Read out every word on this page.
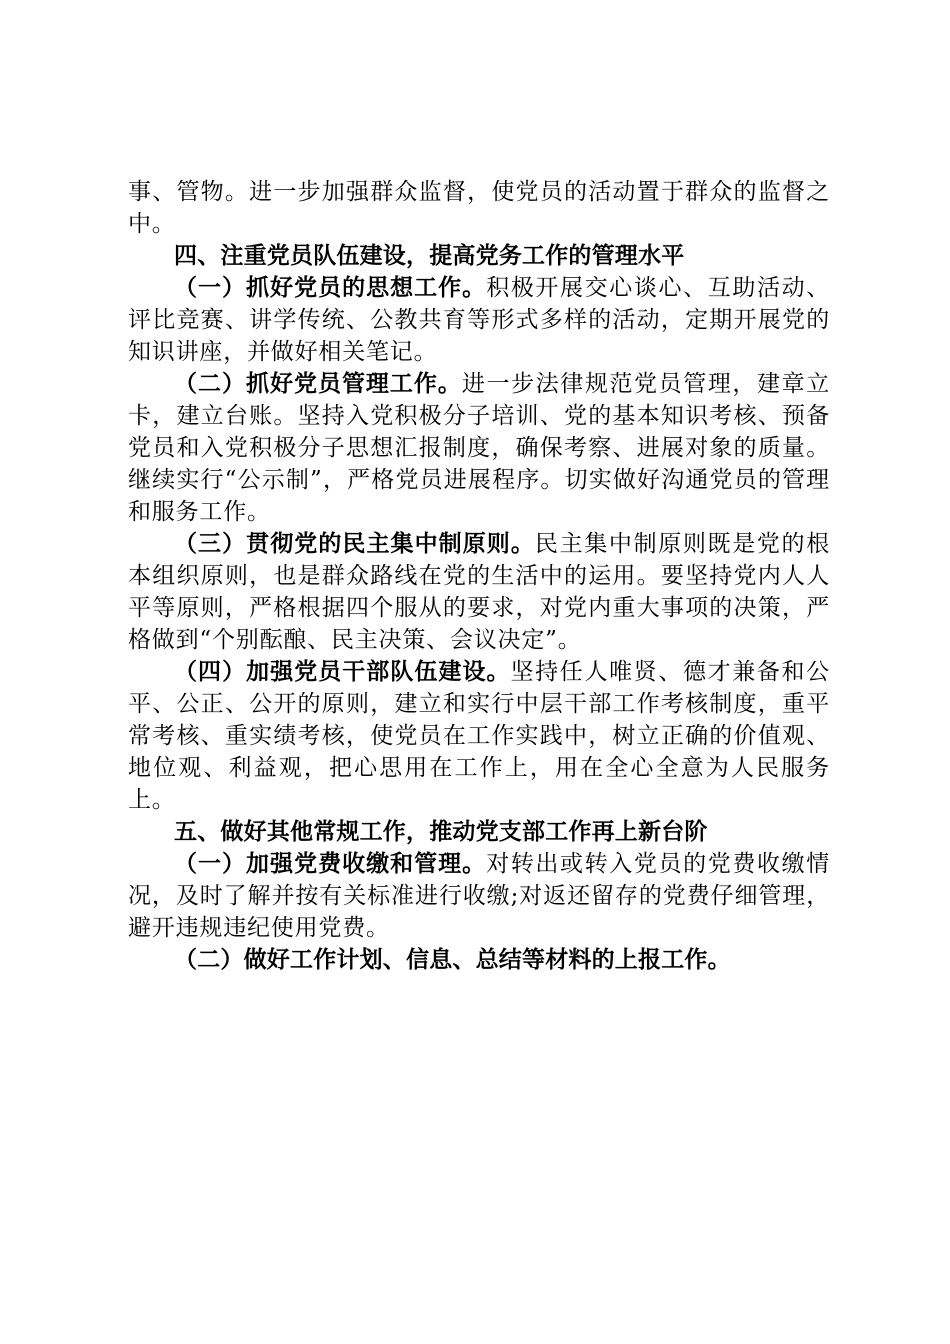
事、管物。进一步加强群众监督，使党员的活动置于群众的监督之中。

四、注重党员队伍建设，提高党务工作的管理水平

（一）抓好党员的思想工作。积极开展交心谈心、互助活动、评比竞赛、讲学传统、公教共育等形式多样的活动，定期开展党的知识讲座，并做好相关笔记。

（二）抓好党员管理工作。进一步法律规范党员管理，建章立卡，建立台账。坚持入党积极分子培训、党的基本知识考核、预备党员和入党积极分子思想汇报制度，确保考察、进展对象的质量。继续实行“公示制”，严格党员进展程序。切实做好沟通党员的管理和服务工作。

（三）贯彻党的民主集中制原则。民主集中制原则既是党的根本组织原则，也是群众路线在党的生活中的运用。要坚持党内人人平等原则，严格根据四个服从的要求，对党内重大事项的决策，严格做到“个别酝酿、民主决策、会议决定”。

（四）加强党员干部队伍建设。坚持任人唯贤、德才兼备和公平、公正、公开的原则，建立和实行中层干部工作考核制度，重平常考核、重实绩考核，使党员在工作实践中，树立正确的价值观、地位观、利益观，把心思用在工作上，用在全心全意为人民服务上。

五、做好其他常规工作，推动党支部工作再上新台阶

（一）加强党费收缴和管理。对转出或转入党员的党费收缴情况，及时了解并按有关标准进行收缴;对返还留存的党费仔细管理，避开违规违纪使用党费。

（二）做好工作计划、信息、总结等材料的上报工作。
